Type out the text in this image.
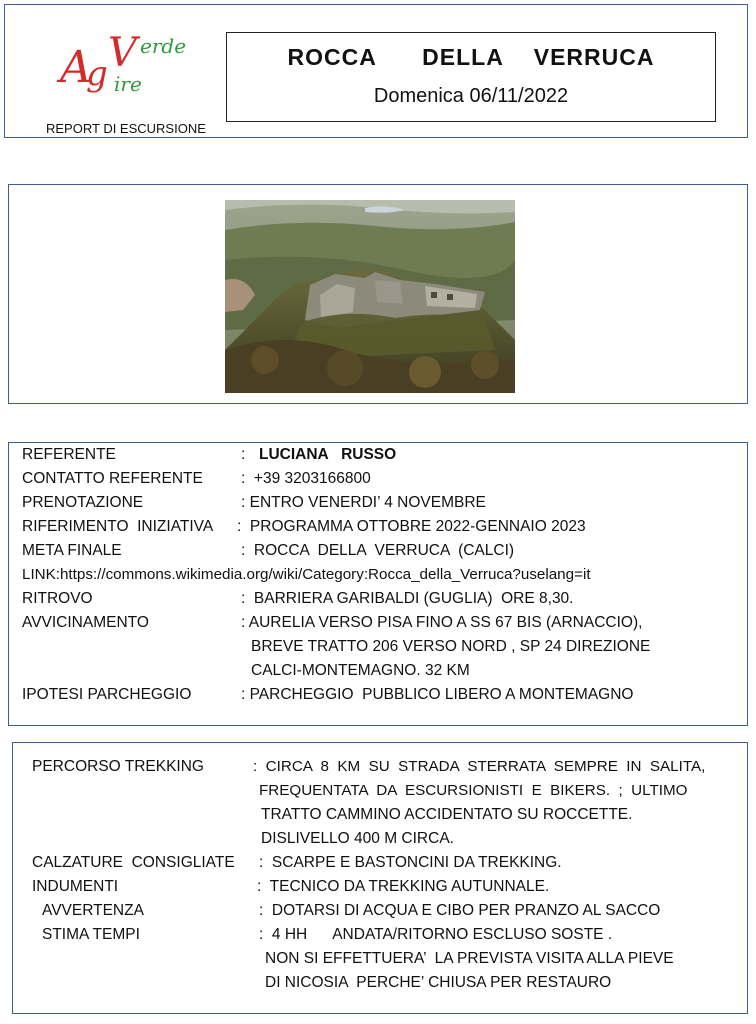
A
g V erde
ire
REPORT DI ESCURSIONE
ROCCA   DELLA  VERRUCA
Domenica 06/11/2022
REFERENTE	: LUCIANA   RUSSO
CONTATTO REFERENTE :  +39 3203166800
PRENOTAZIONE	: ENTRO VENERDI’ 4 NOVEMBRE
RIFERIMENTO  INIZIATIVA :  PROGRAMMA OTTOBRE 2022-GENNAIO 2023
META FINALE	:  ROCCA  DELLA  VERRUCA  (CALCI)
LINK:https://commons.wikimedia.org/wiki/Category:Rocca_della_Verruca?uselang=it
RITROVO	:  BARRIERA GARIBALDI (GUGLIA)  ORE 8,30.
AVVICINAMENTO	: AURELIA VERSO PISA FINO A SS 67 BIS (ARNACCIO),
BREVE TRATTO 206 VERSO NORD , SP 24 DIREZIONE
CALCI-MONTEMAGNO. 32 KM
IPOTESI PARCHEGGIO	: PARCHEGGIO  PUBBLICO LIBERO A MONTEMAGNO
PERCORSO TREKKING	:  CIRCA  8  KM  SU  STRADA  STERRATA  SEMPRE  IN  SALITA,
FREQUENTATA  DA  ESCURSIONISTI  E  BIKERS.  ;  ULTIMO
TRATTO CAMMINO ACCIDENTATO SU ROCCETTE.
DISLIVELLO 400 M CIRCA.
CALZATURE  CONSIGLIATE :  SCARPE E BASTONCINI DA TREKKING.
INDUMENTI	:  TECNICO DA TREKKING AUTUNNALE.
AVVERTENZA	:  DOTARSI DI ACQUA E CIBO PER PRANZO AL SACCO
STIMA TEMPI	:  4 HH      ANDATA/RITORNO ESCLUSO SOSTE .
NON SI EFFETTUERA’  LA PREVISTA VISITA ALLA PIEVE
DI NICOSIA  PERCHE’ CHIUSA PER RESTAURO
